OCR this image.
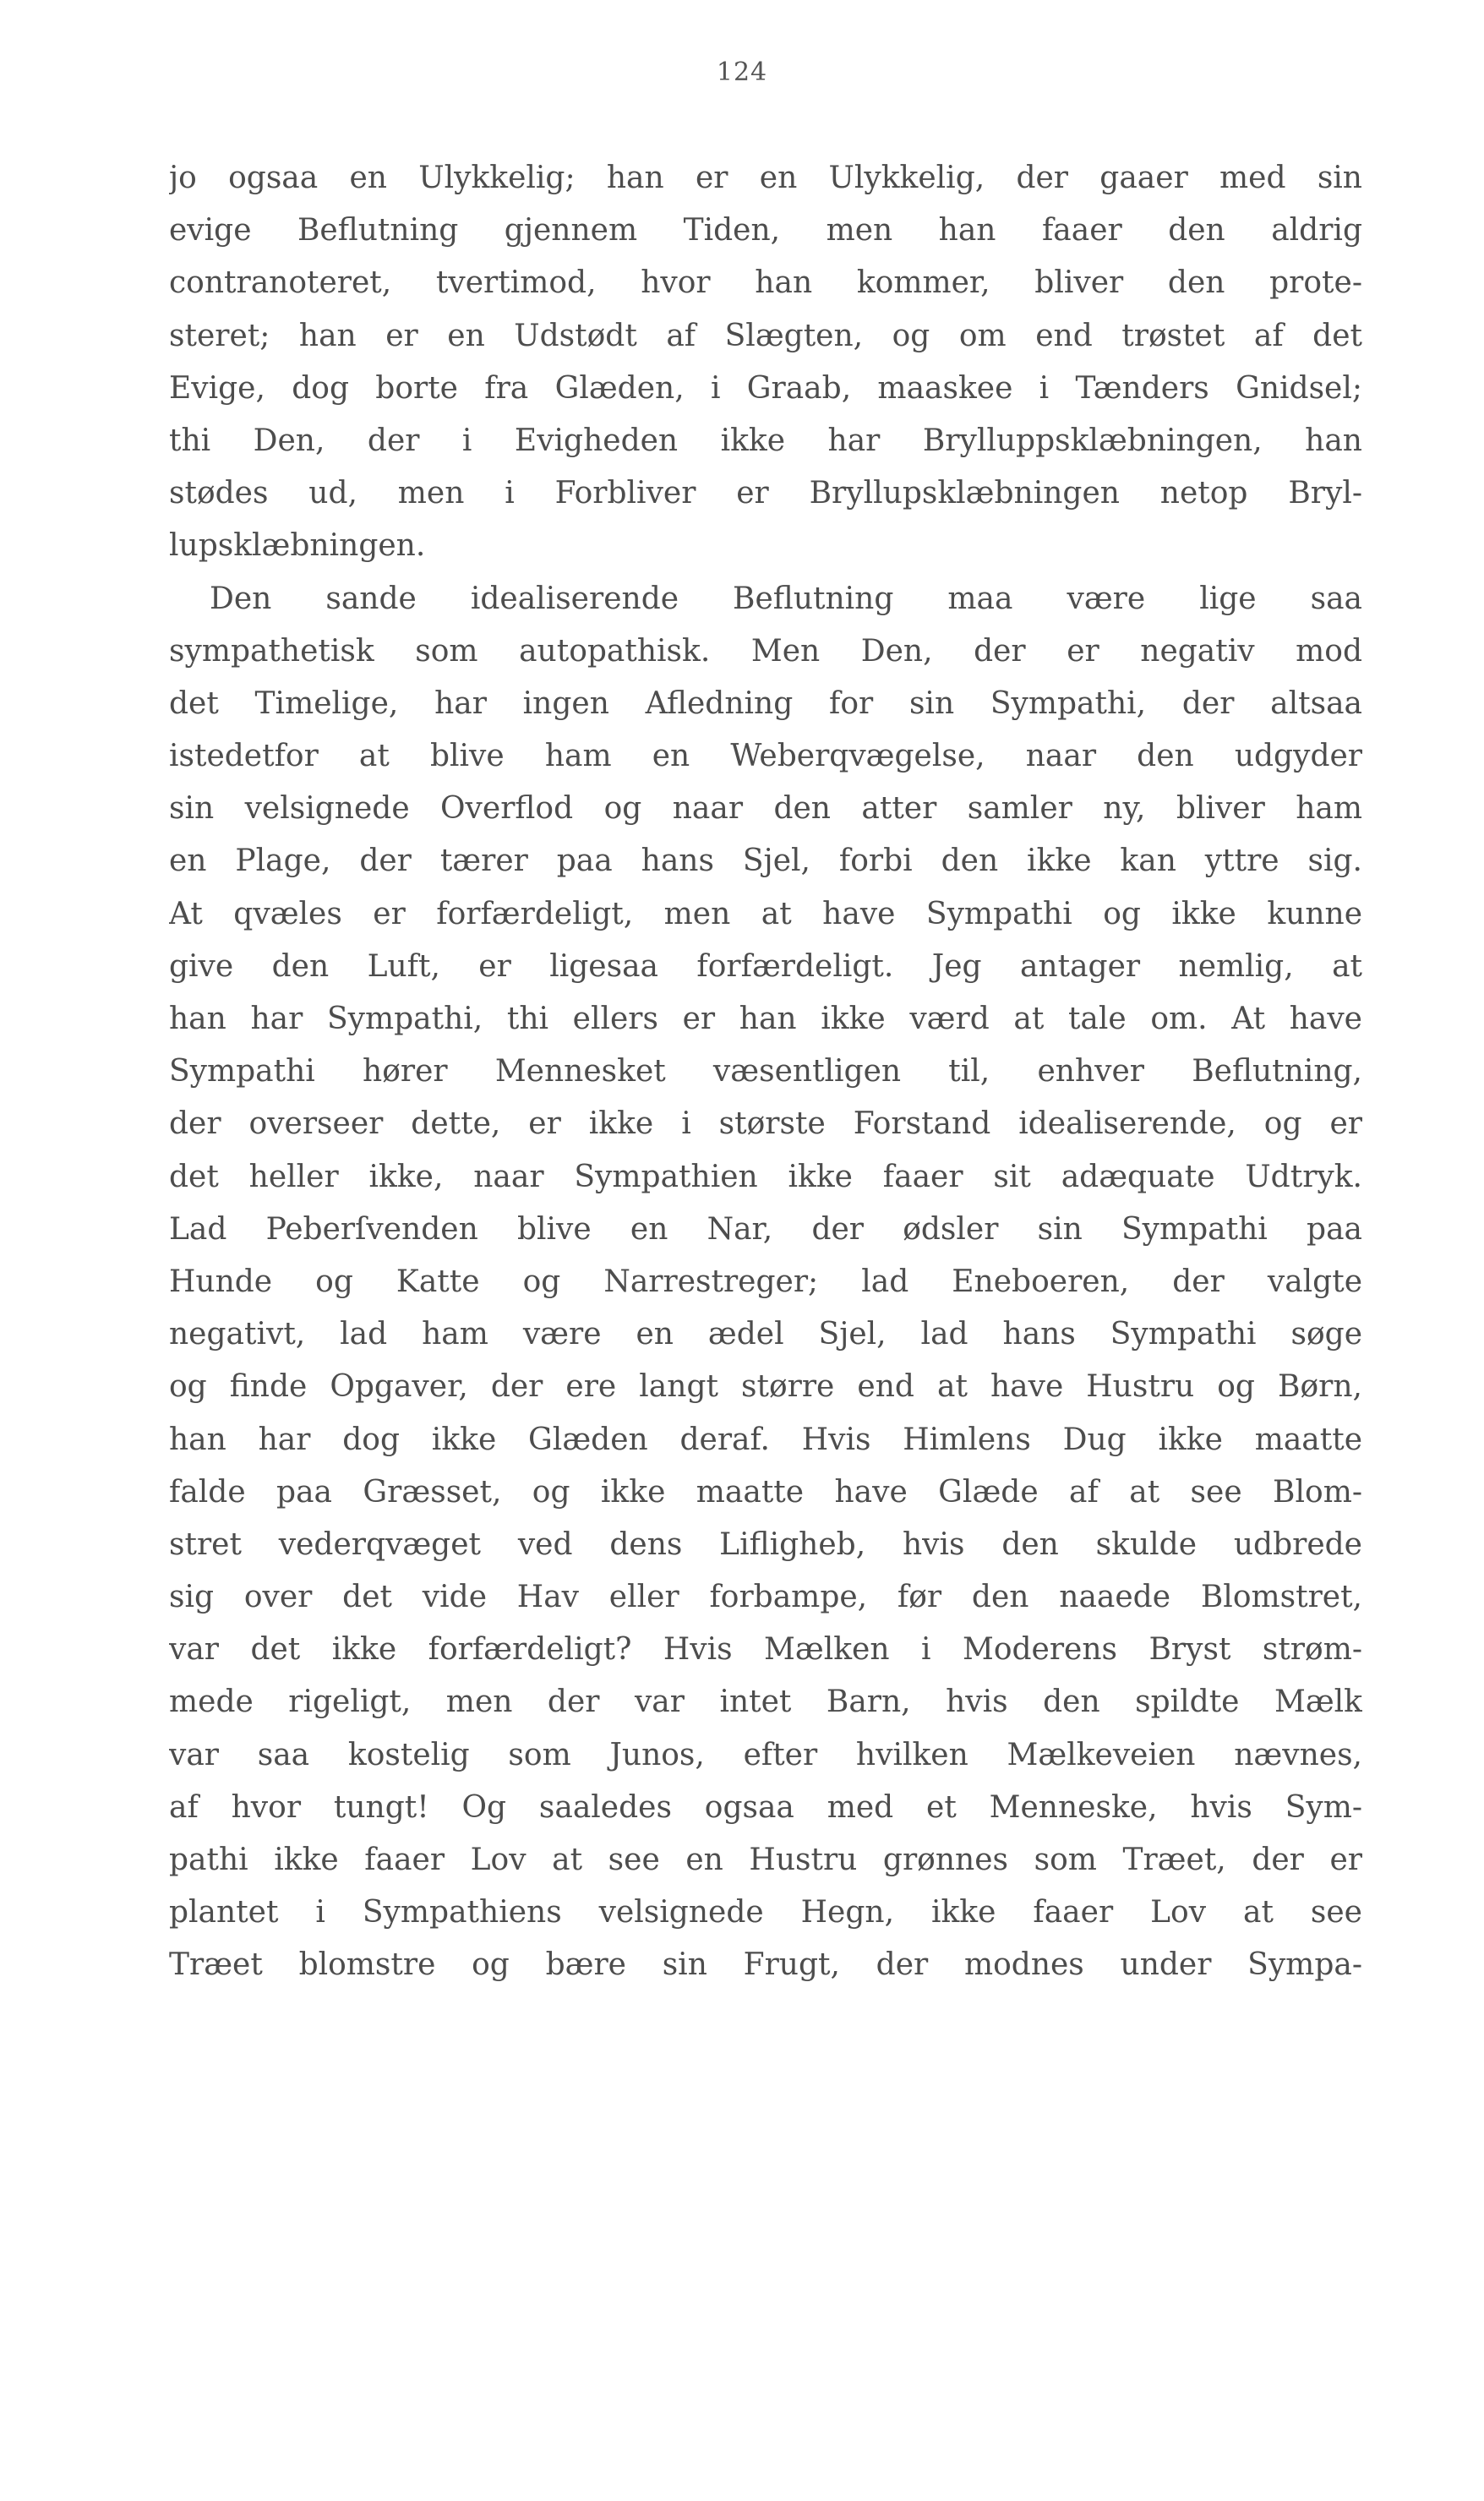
124
jo ogsaa en Ulykkelig; han er en Ulykkelig, der gaaer med sin
evige Beflutning gjennem Tiden, men han faaer den aldrig
contranoteret, tvertimod, hvor han kommer, bliver den prote-
steret; han er en Udstødt af Slægten, og om end trøstet af det
Evige, dog borte fra Glæden, i Graab, maaskee i Tænders Gnidsel;
thi Den, der i Evigheden ikke har Brylluppsklæbningen, han
stødes ud, men i Forbliver er Bryllupsklæbningen netop Bryl-
lupsklæbningen.
Den sande idealiserende Beflutning maa være lige saa
sympathetisk som autopathisk. Men Den, der er negativ mod
det Timelige, har ingen Afledning for sin Sympathi, der altsaa
istedetfor at blive ham en Weberqvægelse, naar den udgyder
sin velsignede Overflod og naar den atter samler ny, bliver ham
en Plage, der tærer paa hans Sjel, forbi den ikke kan yttre sig.
At qvæles er forfærdeligt, men at have Sympathi og ikke kunne
give den Luft, er ligesaa forfærdeligt. Jeg antager nemlig, at
han har Sympathi, thi ellers er han ikke værd at tale om. At have
Sympathi hører Mennesket væsentligen til, enhver Beflutning,
der overseer dette, er ikke i største Forstand idealiserende, og er
det heller ikke, naar Sympathien ikke faaer sit adæquate Udtryk.
Lad Peberſvenden blive en Nar, der ødsler sin Sympathi paa
Hunde og Katte og Narrestreger; lad Eneboeren, der valgte
negativt, lad ham være en ædel Sjel, lad hans Sympathi søge
og finde Opgaver, der ere langt større end at have Hustru og Børn,
han har dog ikke Glæden deraf. Hvis Himlens Dug ikke maatte
falde paa Græsset, og ikke maatte have Glæde af at see Blom-
stret vederqvæget ved dens Lifligheb, hvis den skulde udbrede
sig over det vide Hav eller forbampe, før den naaede Blomstret,
var det ikke forfærdeligt? Hvis Mælken i Moderens Bryst strøm-
mede rigeligt, men der var intet Barn, hvis den spildte Mælk
var saa kostelig som Junos, efter hvilken Mælkeveien nævnes,
af hvor tungt! Og saaledes ogsaa med et Menneske, hvis Sym-
pathi ikke faaer Lov at see en Hustru grønnes som Træet, der er
plantet i Sympathiens velsignede Hegn, ikke faaer Lov at see
Træet blomstre og bære sin Frugt, der modnes under Sympa-
